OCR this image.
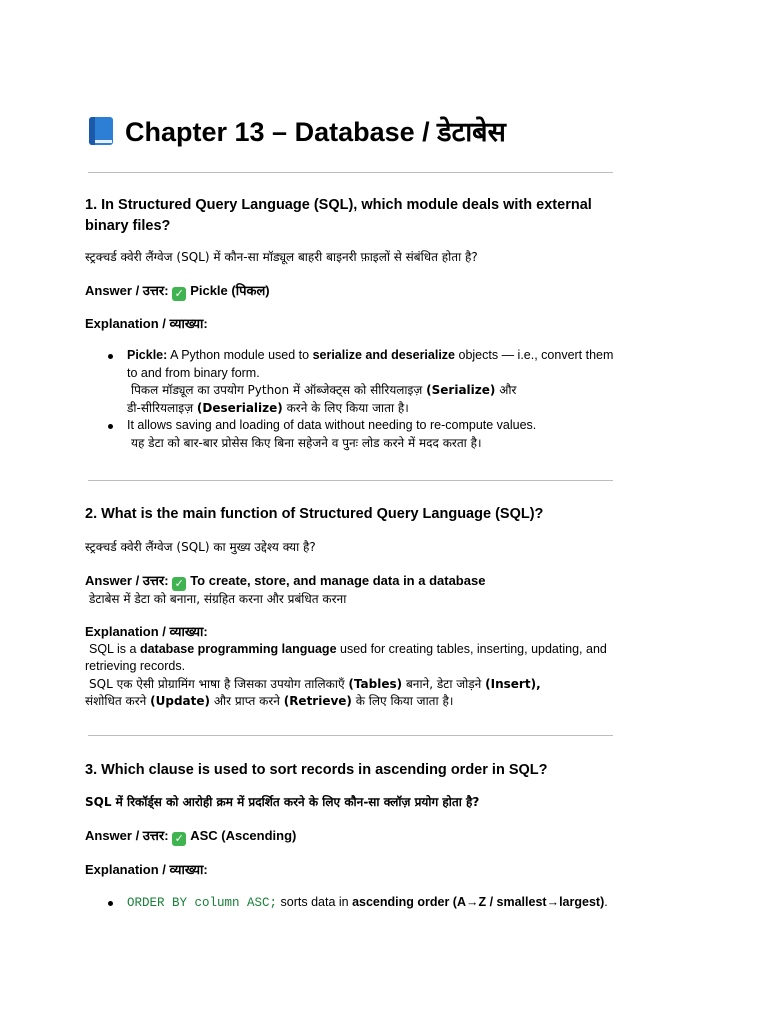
Chapter 13 – Database / डेटाबेस
1. In Structured Query Language (SQL), which module deals with external binary files?
स्ट्रक्चर्ड क्वेरी लैंग्वेज (SQL) में कौन-सा मॉड्यूल बाहरी बाइनरी फ़ाइलों से संबंधित होता है?
Answer / उत्तर: ✓ Pickle (पिकल)
Explanation / व्याख्या:
Pickle: A Python module used to serialize and deserialize objects — i.e., convert them to and from binary form.
पिकल मॉड्यूल का उपयोग Python में ऑब्जेक्ट्स को सीरियलाइज़ (Serialize) और
डी-सीरियलाइज़ (Deserialize) करने के लिए किया जाता है।
It allows saving and loading of data without needing to re-compute values.
यह डेटा को बार-बार प्रोसेस किए बिना सहेजने व पुनः लोड करने में मदद करता है।
2. What is the main function of Structured Query Language (SQL)?
स्ट्रक्चर्ड क्वेरी लैंग्वेज (SQL) का मुख्य उद्देश्य क्या है?
Answer / उत्तर: ✓ To create, store, and manage data in a database
डेटाबेस में डेटा को बनाना, संग्रहित करना और प्रबंधित करना
Explanation / व्याख्या:
SQL is a database programming language used for creating tables, inserting, updating, and retrieving records.
SQL एक ऐसी प्रोग्रामिंग भाषा है जिसका उपयोग तालिकाएँ (Tables) बनाने, डेटा जोड़ने (Insert),
संशोधित करने (Update) और प्राप्त करने (Retrieve) के लिए किया जाता है।
3. Which clause is used to sort records in ascending order in SQL?
SQL में रिकॉर्ड्स को आरोही क्रम में प्रदर्शित करने के लिए कौन-सा क्लॉज़ प्रयोग होता है?
Answer / उत्तर: ✓ ASC (Ascending)
Explanation / व्याख्या:
ORDER BY column ASC; sorts data in ascending order (A→Z / smallest→largest).
